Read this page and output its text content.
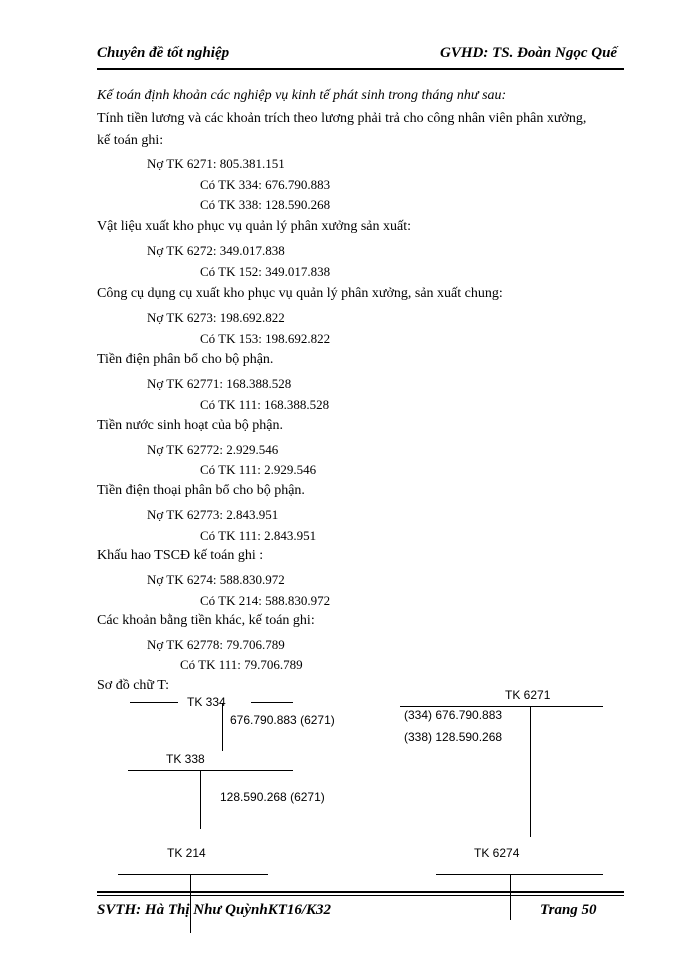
Chuyên đề tốt nghiệp	GVHD: TS. Đoàn Ngọc Quế
Kế toán định khoản các nghiệp vụ kinh tế phát sinh trong tháng như sau:
Tính tiền lương và các khoản trích theo lương phải trả cho công nhân viên phân xưởng,
kế toán ghi:
Nợ TK 6271: 805.381.151
Có TK 334: 676.790.883
Có TK 338: 128.590.268
Vật liệu xuất kho phục vụ quản lý phân xưởng sản xuất:
Nợ TK 6272: 349.017.838
Có TK 152: 349.017.838
Công cụ dụng cụ xuất kho phục vụ quản lý phân xưởng, sản xuất chung:
Nợ TK 6273: 198.692.822
Có TK 153: 198.692.822
Tiền điện phân bổ cho bộ phận.
Nợ TK 62771: 168.388.528
Có TK 111: 168.388.528
Tiền nước sinh hoạt của bộ phận.
Nợ TK 62772: 2.929.546
Có TK 111: 2.929.546
Tiền điện thoại phân bổ cho bộ phận.
Nợ TK 62773: 2.843.951
Có TK 111: 2.843.951
Khấu hao TSCĐ kế toán ghi :
Nợ TK 6274: 588.830.972
Có TK 214: 588.830.972
Các khoản bằng tiền khác, kế toán ghi:
Nợ TK 62778: 79.706.789
Có TK 111: 79.706.789
Sơ đồ chữ T:
TK 334
676.790.883 (6271)
TK 338
128.590.268 (6271)
TK 6271
(334) 676.790.883
(338) 128.590.268
TK 214	TK 6274
SVTH: Hà Thị Như QuỳnhKT16/K32	Trang 50
